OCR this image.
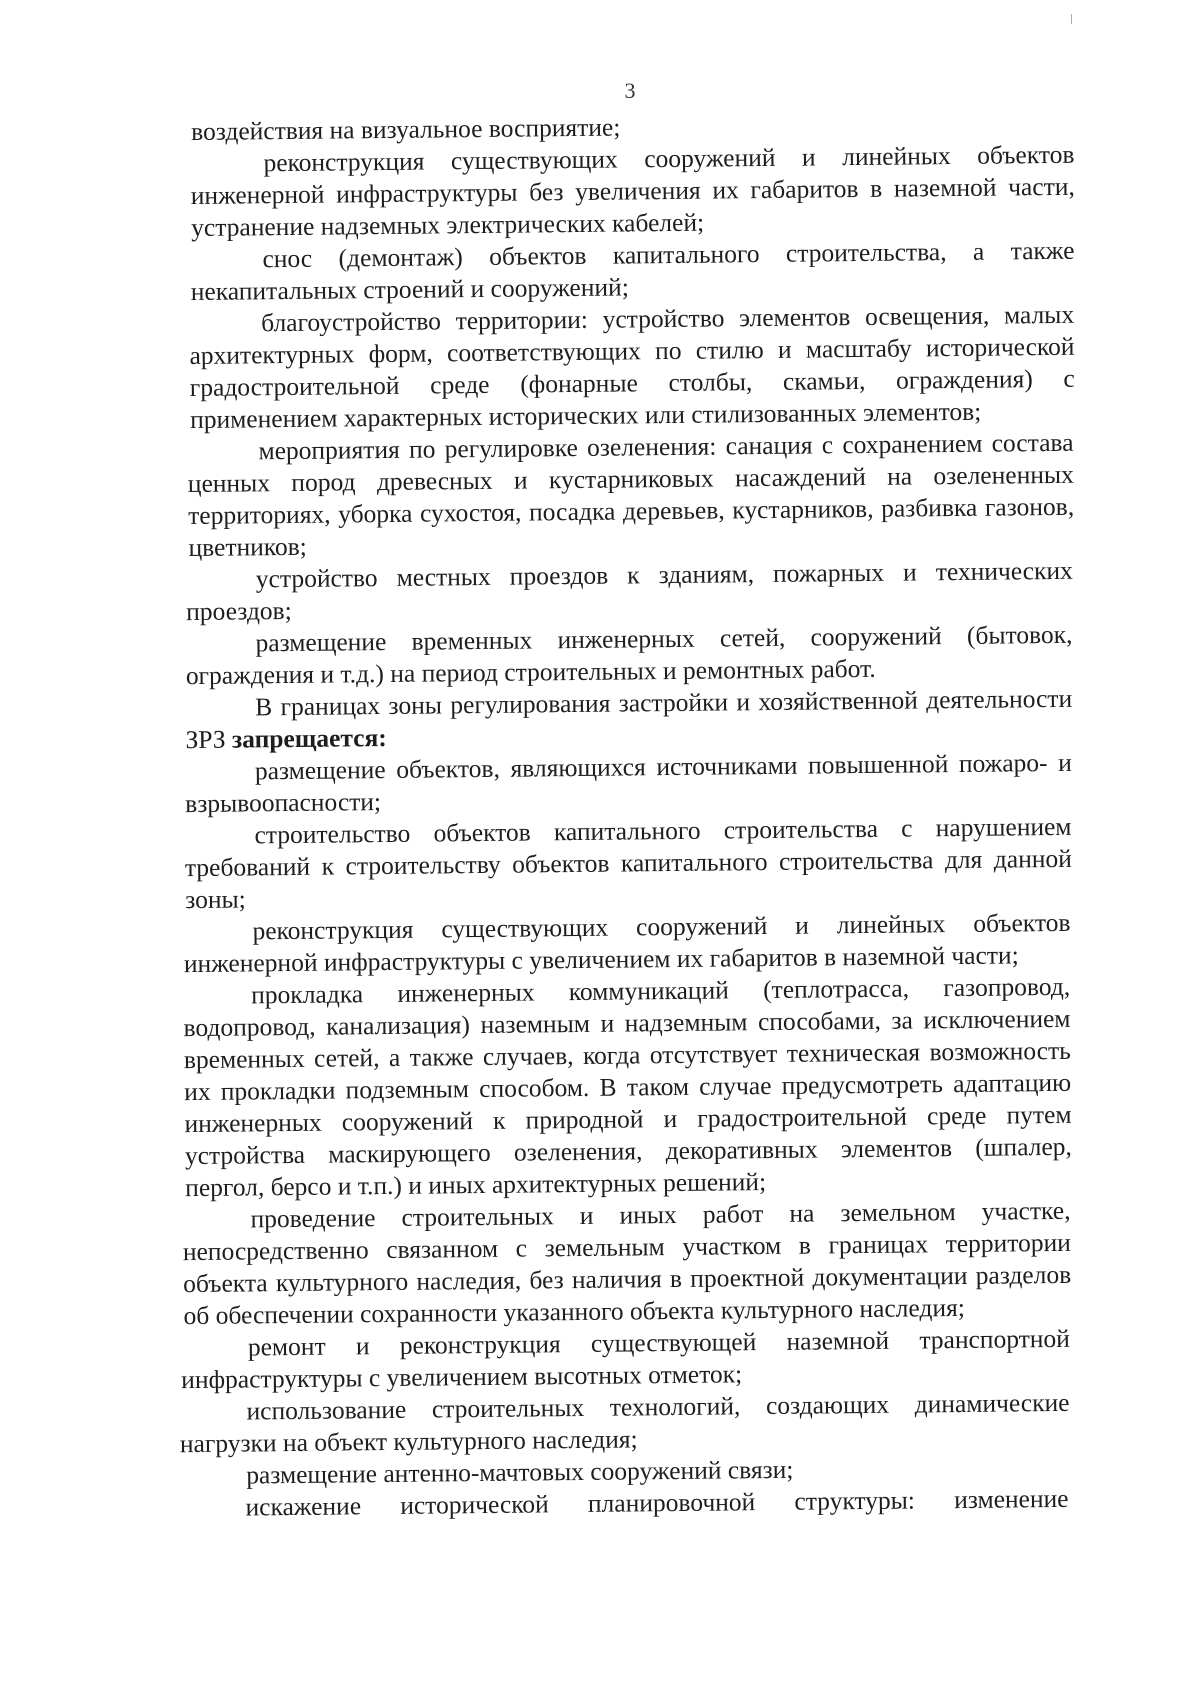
3

воздействия на визуальное восприятие;

реконструкция существующих сооружений и линейных объектов инженерной инфраструктуры без увеличения их габаритов в наземной части, устранение надземных электрических кабелей;

снос (демонтаж) объектов капитального строительства, а также некапитальных строений и сооружений;

благоустройство территории: устройство элементов освещения, малых архитектурных форм, соответствующих по стилю и масштабу исторической градостроительной среде (фонарные столбы, скамьи, ограждения) с применением характерных исторических или стилизованных элементов;

мероприятия по регулировке озеленения: санация с сохранением состава ценных пород древесных и кустарниковых насаждений на озелененных территориях, уборка сухостоя, посадка деревьев, кустарников, разбивка газонов, цветников;

устройство местных проездов к зданиям, пожарных и технических проездов;

размещение временных инженерных сетей, сооружений (бытовок, ограждения и т.д.) на период строительных и ремонтных работ.

В границах зоны регулирования застройки и хозяйственной деятельности ЗРЗ запрещается:

размещение объектов, являющихся источниками повышенной пожаро- и взрывоопасности;

строительство объектов капитального строительства с нарушением требований к строительству объектов капитального строительства для данной зоны;

реконструкция существующих сооружений и линейных объектов инженерной инфраструктуры с увеличением их габаритов в наземной части;

прокладка инженерных коммуникаций (теплотрасса, газопровод, водопровод, канализация) наземным и надземным способами, за исключением временных сетей, а также случаев, когда отсутствует техническая возможность их прокладки подземным способом. В таком случае предусмотреть адаптацию инженерных сооружений к природной и градостроительной среде путем устройства маскирующего озеленения, декоративных элементов (шпалер, пергол, берсо и т.п.) и иных архитектурных решений;

проведение строительных и иных работ на земельном участке, непосредственно связанном с земельным участком в границах территории объекта культурного наследия, без наличия в проектной документации разделов об обеспечении сохранности указанного объекта культурного наследия;

ремонт и реконструкция существующей наземной транспортной инфраструктуры с увеличением высотных отметок;

использование строительных технологий, создающих динамические нагрузки на объект культурного наследия;

размещение антенно-мачтовых сооружений связи;

искажение исторической планировочной структуры: изменение
